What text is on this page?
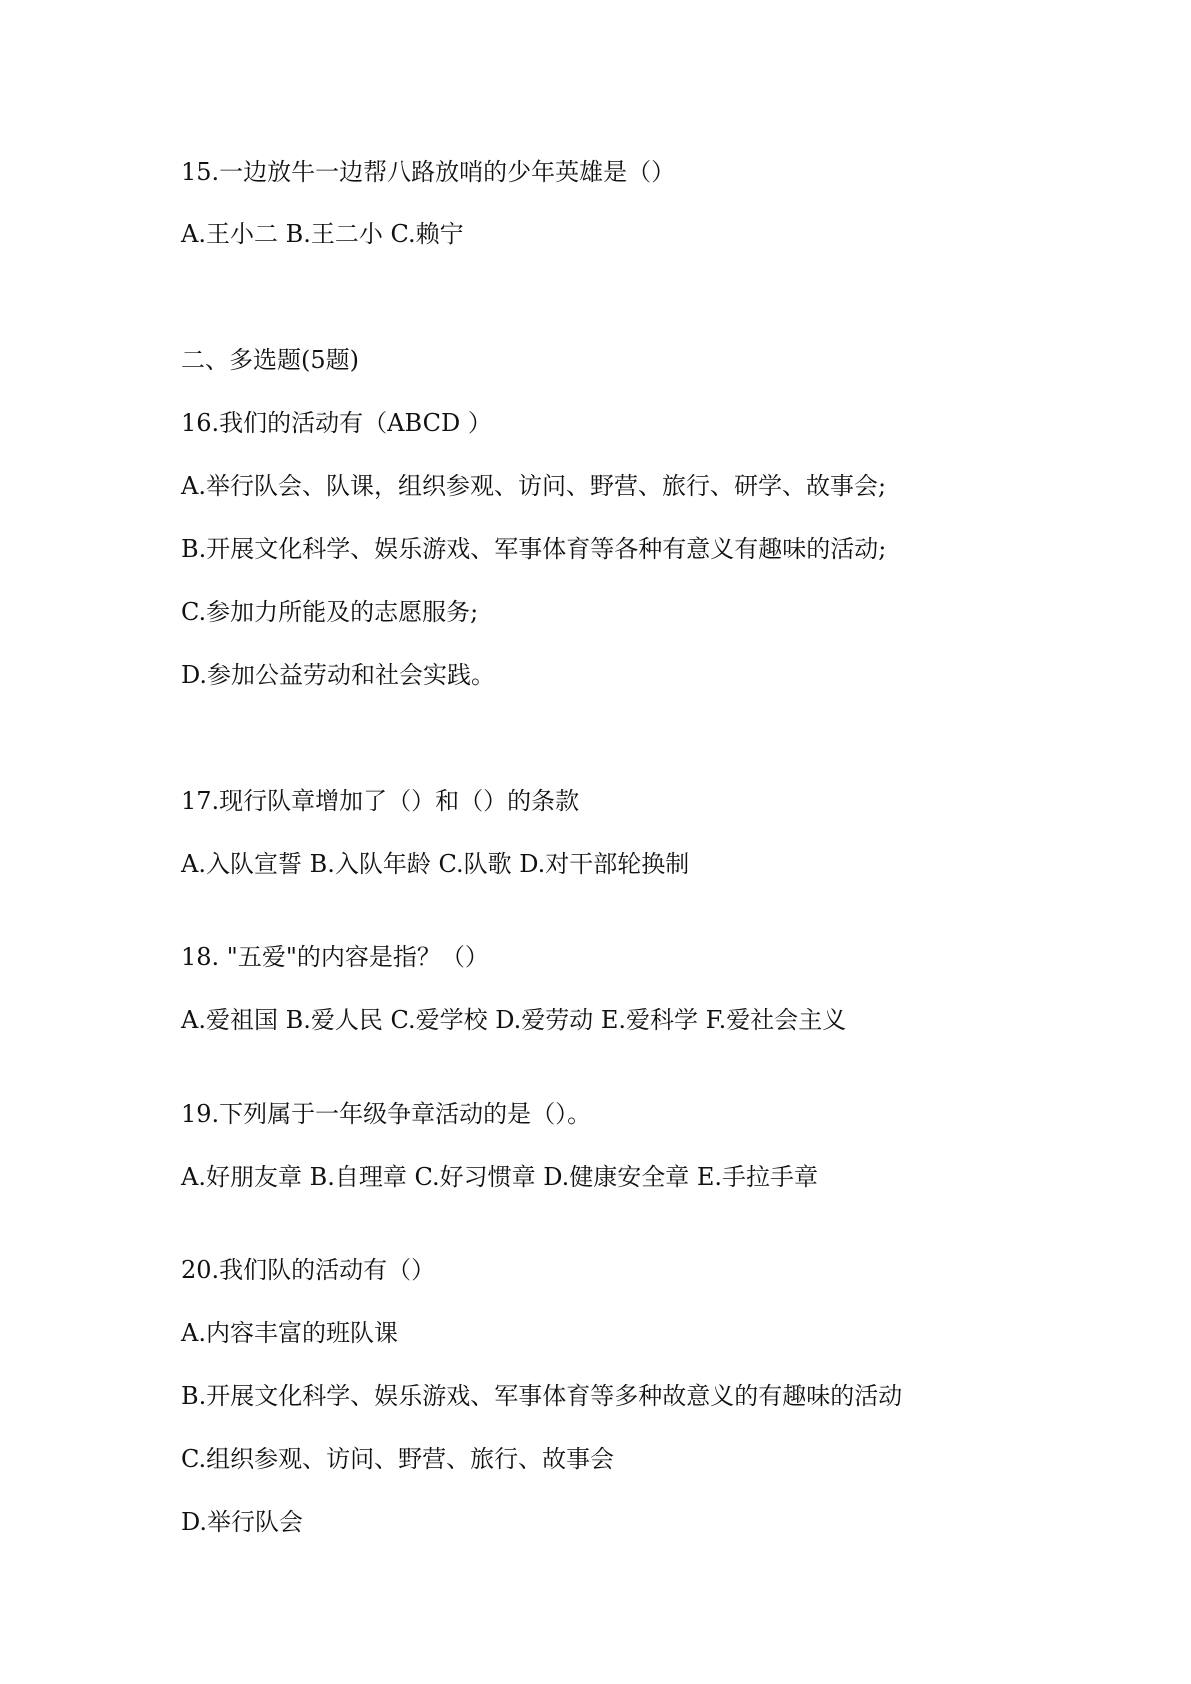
15.一边放牛一边帮八路放哨的少年英雄是（）
A.王小二 B.王二小 C.赖宁
二、多选题(5题)
16.我们的活动有（ABCD ）
A.举行队会、队课，组织参观、访问、野营、旅行、研学、故事会;
B.开展文化科学、娱乐游戏、军事体育等各种有意义有趣味的活动;
C.参加力所能及的志愿服务;
D.参加公益劳动和社会实践。
17.现行队章增加了（）和（）的条款
A.入队宣誓 B.入队年龄 C.队歌 D.对干部轮换制
18. "五爱"的内容是指？（）
A.爱祖国 B.爱人民 C.爱学校 D.爱劳动 E.爱科学 F.爱社会主义
19.下列属于一年级争章活动的是（）。
A.好朋友章 B.自理章 C.好习惯章 D.健康安全章 E.手拉手章
20.我们队的活动有（）
A.内容丰富的班队课
B.开展文化科学、娱乐游戏、军事体育等多种故意义的有趣味的活动
C.组织参观、访问、野营、旅行、故事会
D.举行队会
